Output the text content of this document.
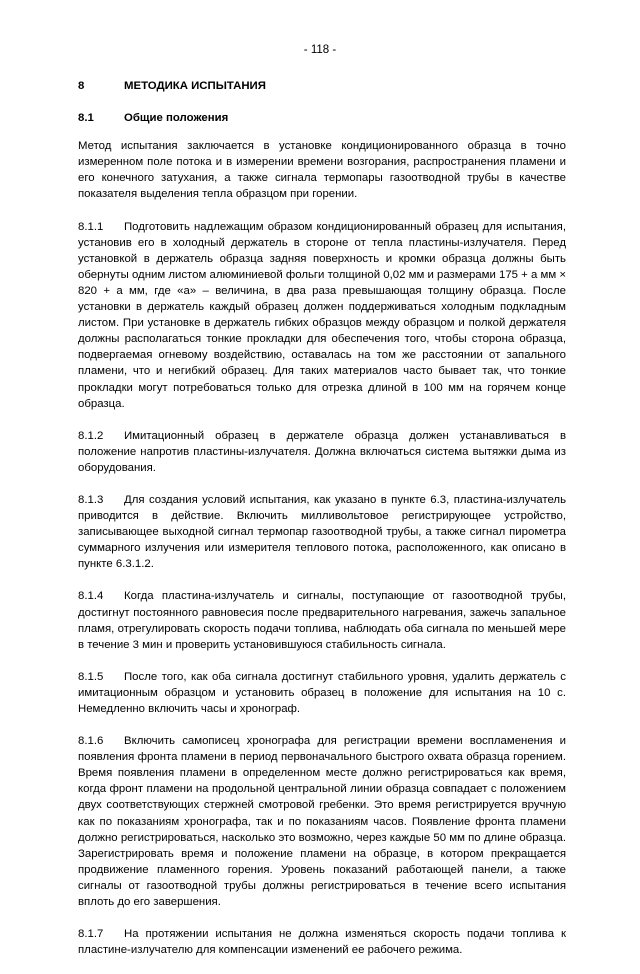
- 118 -
8	МЕТОДИКА ИСПЫТАНИЯ
8.1	Общие положения

Метод испытания заключается в установке кондиционированного образца в точно измеренном поле потока и в измерении времени возгорания, распространения пламени и его конечного затухания, а также сигнала термопары газоотводной трубы в качестве показателя выделения тепла образцом при горении.

8.1.1 Подготовить надлежащим образом кондиционированный образец для испытания, установив его в холодный держатель в стороне от тепла пластины-излучателя. Перед установкой в держатель образца задняя поверхность и кромки образца должны быть обернуты одним листом алюминиевой фольги толщиной 0,02 мм и размерами 175 + а мм × 820 + а мм, где «а» – величина, в два раза превышающая толщину образца. После установки в держатель каждый образец должен поддерживаться холодным подкладным листом. При установке в держатель гибких образцов между образцом и полкой держателя должны располагаться тонкие прокладки для обеспечения того, чтобы сторона образца, подвергаемая огневому воздействию, оставалась на том же расстоянии от запального пламени, что и негибкий образец. Для таких материалов часто бывает так, что тонкие прокладки могут потребоваться только для отрезка длиной в 100 мм на горячем конце образца.

8.1.2 Имитационный образец в держателе образца должен устанавливаться в положение напротив пластины-излучателя. Должна включаться система вытяжки дыма из оборудования.

8.1.3 Для создания условий испытания, как указано в пункте 6.3, пластина-излучатель приводится в действие. Включить милливольтовое регистрирующее устройство, записывающее выходной сигнал термопар газоотводной трубы, а также сигнал пирометра суммарного излучения или измерителя теплового потока, расположенного, как описано в пункте 6.3.1.2.

8.1.4 Когда пластина-излучатель и сигналы, поступающие от газоотводной трубы, достигнут постоянного равновесия после предварительного нагревания, зажечь запальное пламя, отрегулировать скорость подачи топлива, наблюдать оба сигнала по меньшей мере в течение 3 мин и проверить установившуюся стабильность сигнала.

8.1.5 После того, как оба сигнала достигнут стабильного уровня, удалить держатель с имитационным образцом и установить образец в положение для испытания на 10 с. Немедленно включить часы и хронограф.

8.1.6 Включить самописец хронографа для регистрации времени воспламенения и появления фронта пламени в период первоначального быстрого охвата образца горением. Время появления пламени в определенном месте должно регистрироваться как время, когда фронт пламени на продольной центральной линии образца совпадает с положением двух соответствующих стержней смотровой гребенки. Это время регистрируется вручную как по показаниям хронографа, так и по показаниям часов. Появление фронта пламени должно регистрироваться, насколько это возможно, через каждые 50 мм по длине образца. Зарегистрировать время и положение пламени на образце, в котором прекращается продвижение пламенного горения. Уровень показаний работающей панели, а также сигналы от газоотводной трубы должны регистрироваться в течение всего испытания вплоть до его завершения.

8.1.7 На протяжении испытания не должна изменяться скорость подачи топлива к пластине-излучателю для компенсации изменений ее рабочего режима.
